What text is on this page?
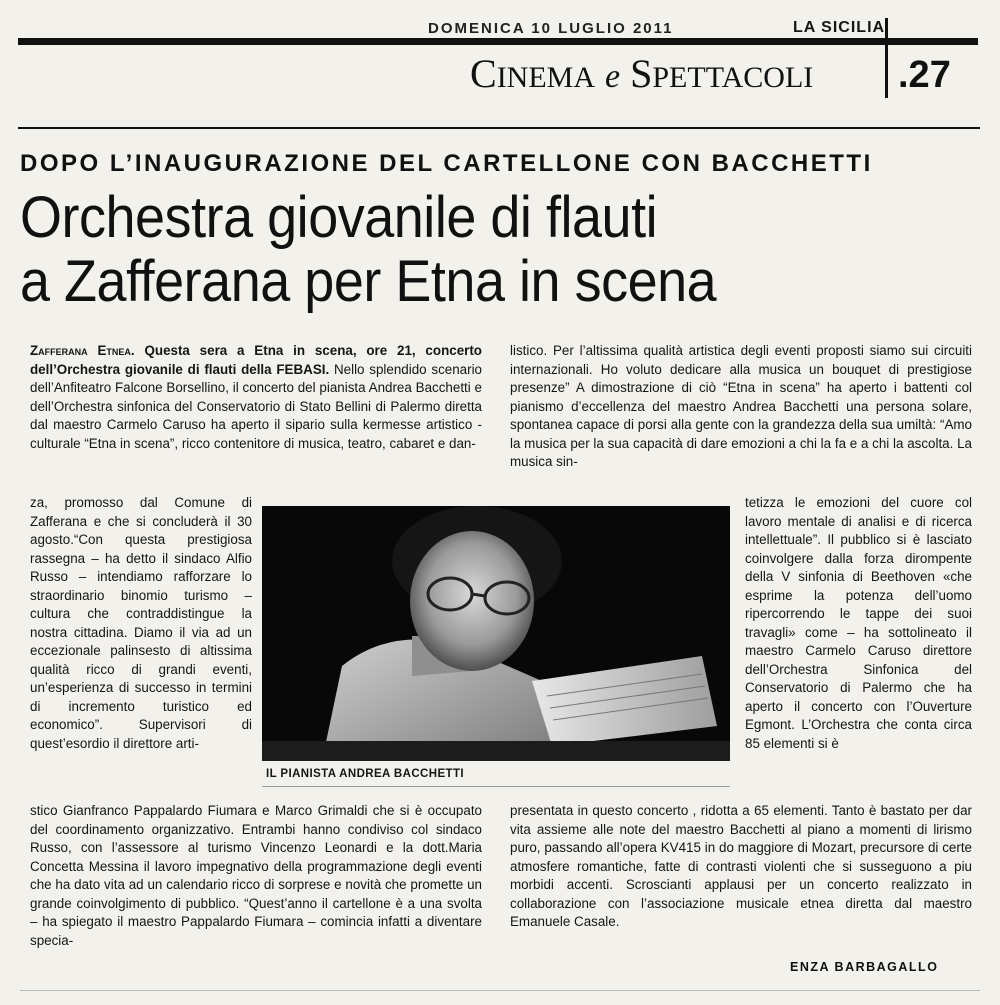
DOMENICA 10 LUGLIO 2011	LA SICILIA
CINEMA e SPETTACOLI .27
DOPO L’INAUGURAZIONE DEL CARTELLONE CON BACCHETTI
Orchestra giovanile di flauti
a Zafferana per Etna in scena

Zafferana Etnea. Questa sera a Etna in scena, ore 21, concerto dell’Orchestra giovanile di flauti della FEBASI. Nello splendido scenario dell’Anfiteatro Falcone Borsellino, il concerto del pianista Andrea Bacchetti e dell’Orchestra sinfonica del Conservatorio di Stato Bellini di Palermo diretta dal maestro Carmelo Caruso ha aperto il sipario sulla kermesse artistico - culturale “Etna in scena”, ricco contenitore di musica, teatro, cabaret e dan-

za, promosso dal Comune di Zafferana e che si concluderà il 30 agosto.“Con questa prestigiosa rassegna – ha detto il sindaco Alfio Russo – intendiamo rafforzare lo straordinario binomio turismo – cultura che contraddistingue la nostra cittadina. Diamo il via ad un eccezionale palinsesto di altissima qualità ricco di grandi eventi, un’esperienza di successo in termini di incremento turistico ed economico”. Supervisori di quest’esordio il direttore arti-

stico Gianfranco Pappalardo Fiumara e Marco Grimaldi che si è occupato del coordinamento organizzativo. Entrambi hanno condiviso col sindaco Russo, con l’assessore al turismo Vincenzo Leonardi e la dott.Maria Concetta Messina il lavoro impegnativo della programmazione degli eventi che ha dato vita ad un calendario ricco di sorprese e novità che promette un grande coinvolgimento di pubblico. “Quest’anno il cartellone è a una svolta – ha spiegato il maestro Pappalardo Fiumara – comincia infatti a diventare specia-

listico. Per l’altissima qualità artistica degli eventi proposti siamo sui circuiti internazionali. Ho voluto dedicare alla musica un bouquet di prestigiose presenze” A dimostrazione di ciò “Etna in scena” ha aperto i battenti col pianismo d’eccellenza del maestro Andrea Bacchetti una persona solare, spontanea capace di porsi alla gente con la grandezza della sua umiltà: “Amo la musica per la sua capacità di dare emozioni a chi la fa e a chi la ascolta. La musica sin-

tetizza le emozioni del cuore col lavoro mentale di analisi e di ricerca intellettuale”. Il pubblico si è lasciato coinvolgere dalla forza dirompente della V sinfonia di Beethoven «che esprime la potenza dell’uomo ripercorrendo le tappe dei suoi travagli» come – ha sottolineato il maestro Carmelo Caruso direttore dell’Orchestra Sinfonica del Conservatorio di Palermo che ha aperto il concerto con l’Ouverture Egmont. L’Orchestra che conta circa 85 elementi si è

presentata in questo concerto , ridotta a 65 elementi. Tanto è bastato per dar vita assieme alle note del maestro Bacchetti al piano a momenti di lirismo puro, passando all’opera KV415 in do maggiore di Mozart, precursore di certe atmosfere romantiche, fatte di contrasti violenti che si susseguono a piu morbidi accenti. Scroscianti applausi per un concerto realizzato in collaborazione con l’associazione musicale etnea diretta dal maestro Emanuele Casale.

IL PIANISTA ANDREA BACCHETTI
ENZA BARBAGALLO
